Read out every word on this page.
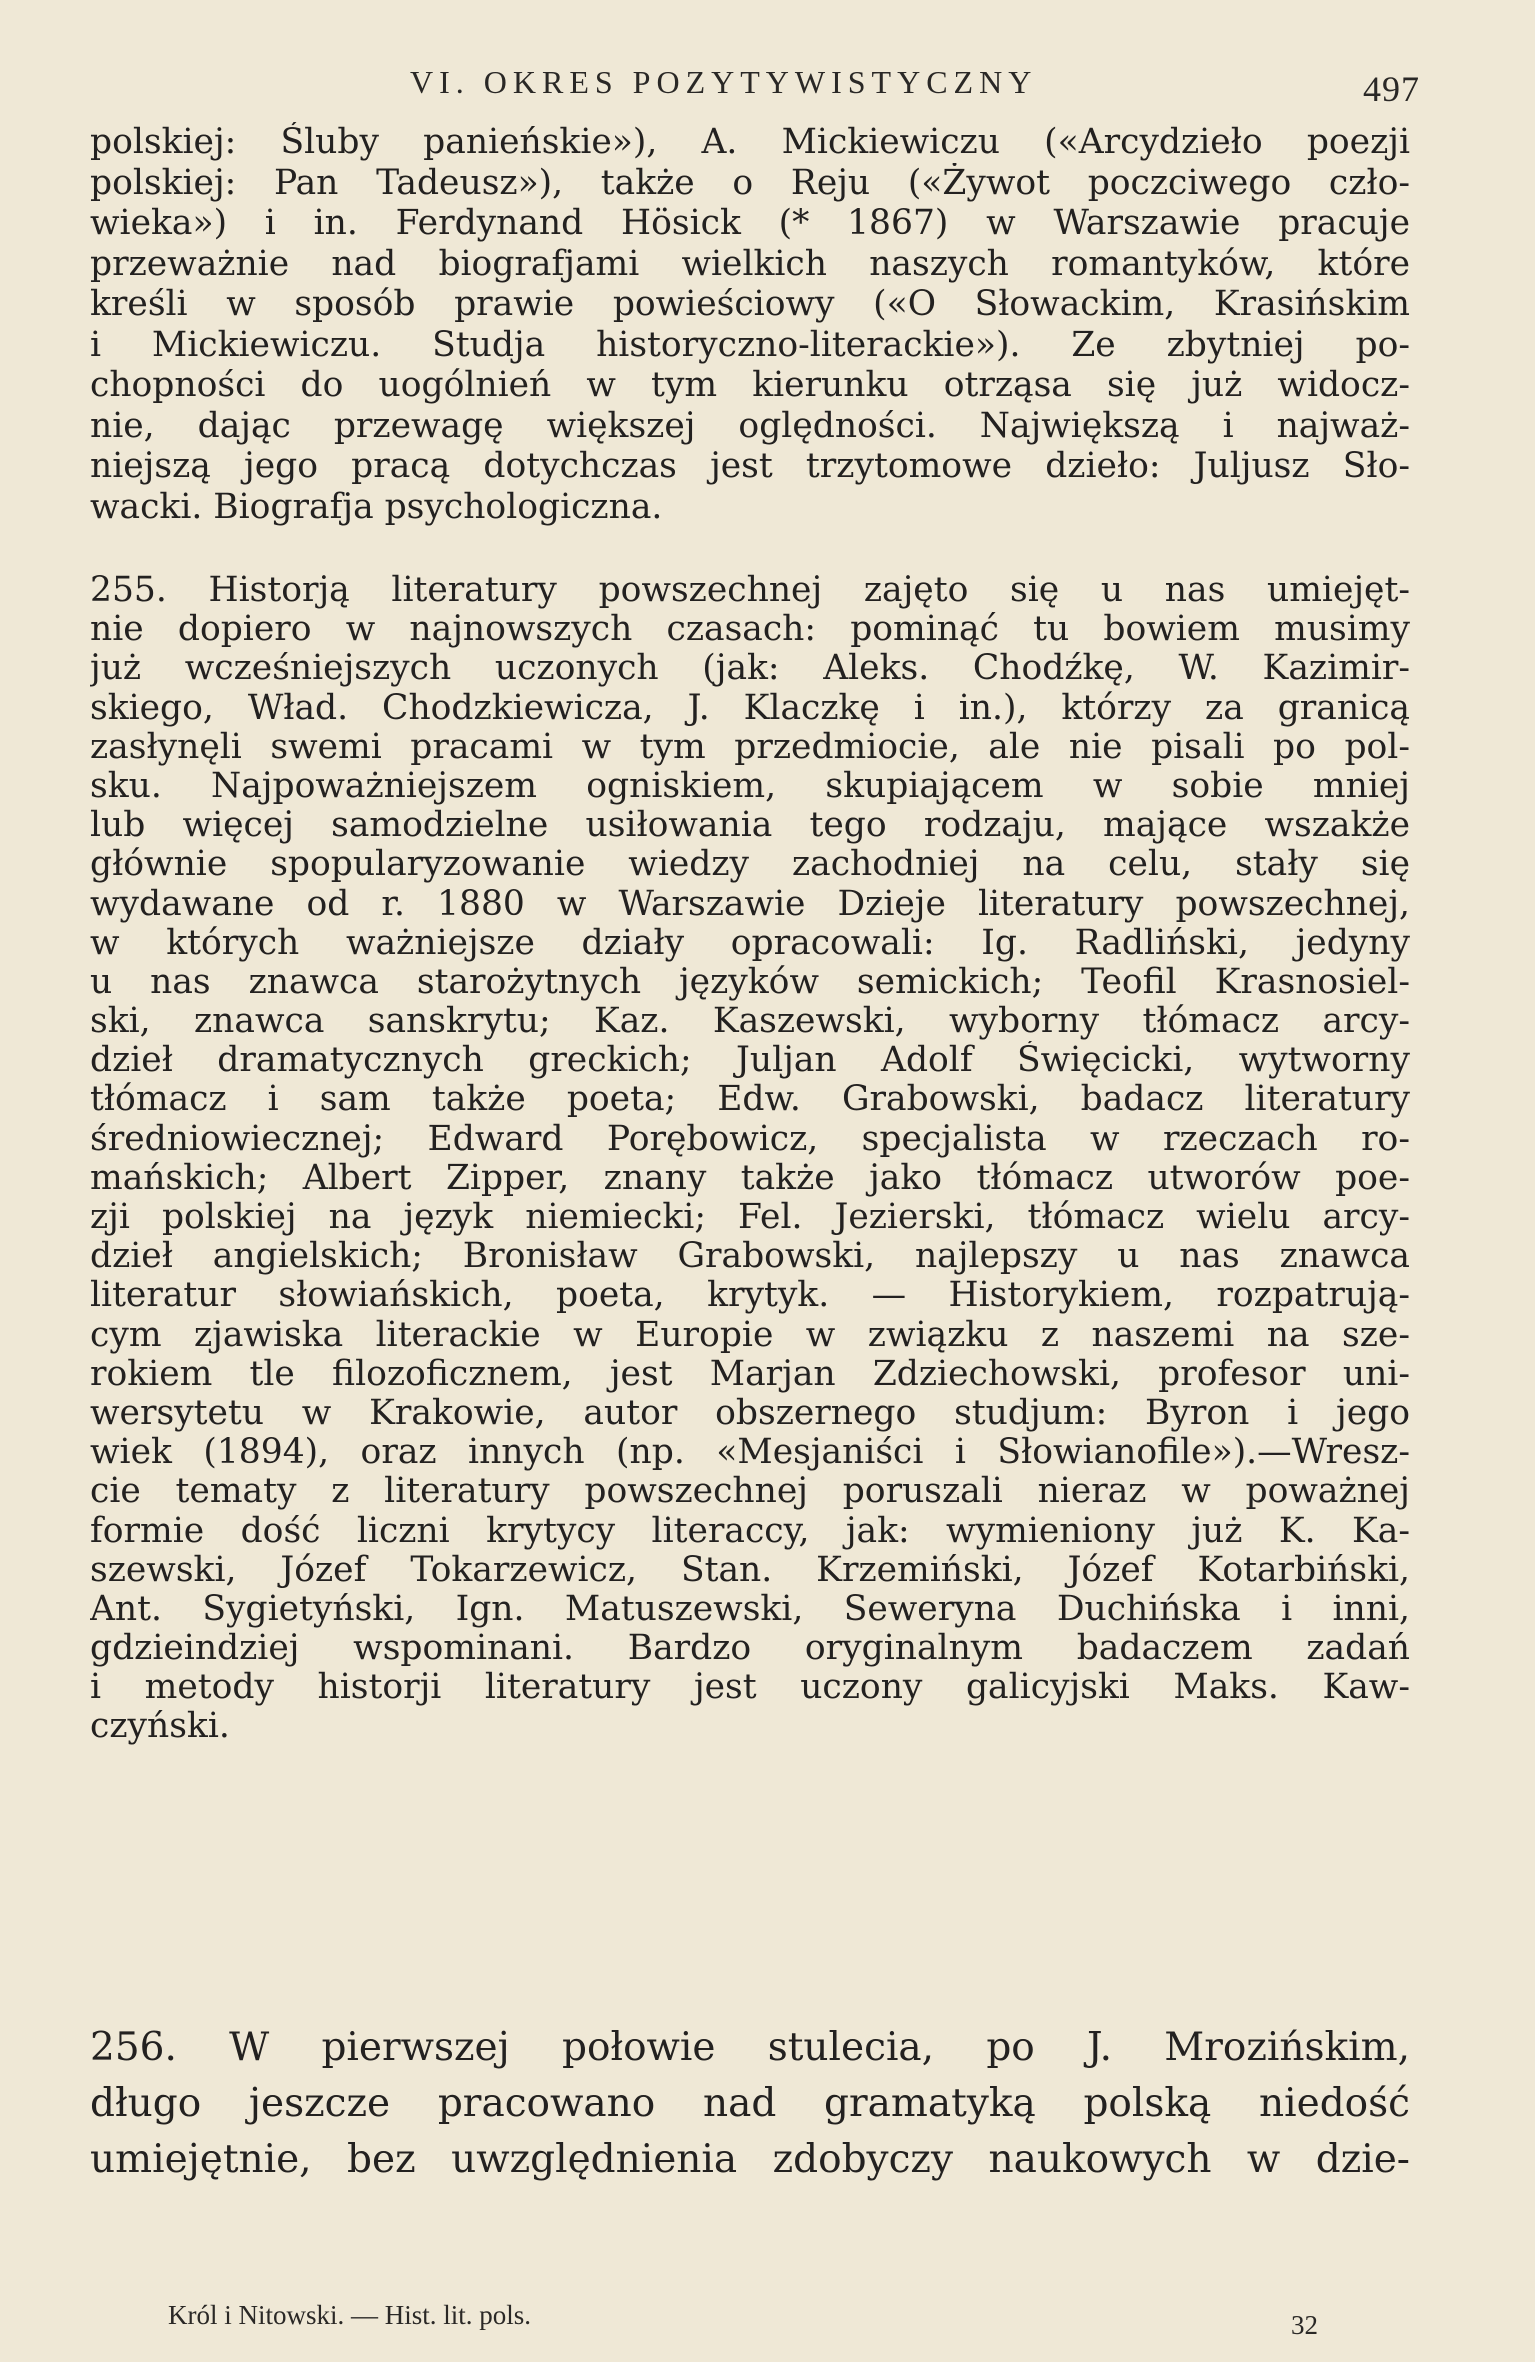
VI. OKRES POZYTYWISTYCZNY	497
polskiej: Śluby panieńskie»), A. Mickiewiczu («Arcydzieło poezji
polskiej: Pan Tadeusz»), także o Reju («Żywot poczciwego czło-
wieka») i in. Ferdynand Hösick (* 1867) w Warszawie pracuje
przeważnie nad biografjami wielkich naszych romantyków, które
kreśli w sposób prawie powieściowy («O Słowackim, Krasińskim
i Mickiewiczu. Studja historyczno-literackie»). Ze zbytniej po-
chopności do uogólnień w tym kierunku otrząsa się już widocz-
nie, dając przewagę większej oględności. Największą i najważ-
niejszą jego pracą dotychczas jest trzytomowe dzieło: Juljusz Sło-
wacki. Biografja psychologiczna.
255. Historją literatury powszechnej zajęto się u nas umiejęt-
nie dopiero w najnowszych czasach: pominąć tu bowiem musimy
już wcześniejszych uczonych (jak: Aleks. Chodźkę, W. Kazimir-
skiego, Wład. Chodzkiewicza, J. Klaczkę i in.), którzy za granicą
zasłynęli swemi pracami w tym przedmiocie, ale nie pisali po pol-
sku. Najpoważniejszem ogniskiem, skupiającem w sobie mniej
lub więcej samodzielne usiłowania tego rodzaju, mające wszakże
głównie spopularyzowanie wiedzy zachodniej na celu, stały się
wydawane od r. 1880 w Warszawie Dzieje literatury powszechnej,
w których ważniejsze działy opracowali: Ig. Radliński, jedyny
u nas znawca starożytnych języków semickich; Teofil Krasnosiel-
ski, znawca sanskrytu; Kaz. Kaszewski, wyborny tłómacz arcy-
dzieł dramatycznych greckich; Juljan Adolf Święcicki, wytworny
tłómacz i sam także poeta; Edw. Grabowski, badacz literatury
średniowiecznej; Edward Porębowicz, specjalista w rzeczach ro-
mańskich; Albert Zipper, znany także jako tłómacz utworów poe-
zji polskiej na język niemiecki; Fel. Jezierski, tłómacz wielu arcy-
dzieł angielskich; Bronisław Grabowski, najlepszy u nas znawca
literatur słowiańskich, poeta, krytyk. — Historykiem, rozpatrują-
cym zjawiska literackie w Europie w związku z naszemi na sze-
rokiem tle filozoficznem, jest Marjan Zdziechowski, profesor uni-
wersytetu w Krakowie, autor obszernego studjum: Byron i jego
wiek (1894), oraz innych (np. «Mesjaniści i Słowianofile»).—Wresz-
cie tematy z literatury powszechnej poruszali nieraz w poważnej
formie dość liczni krytycy literaccy, jak: wymieniony już K. Ka-
szewski, Józef Tokarzewicz, Stan. Krzemiński, Józef Kotarbiński,
Ant. Sygietyński, Ign. Matuszewski, Seweryna Duchińska i inni,
gdzieindziej wspominani. Bardzo oryginalnym badaczem zadań
i metody historji literatury jest uczony galicyjski Maks. Kaw-
czyński.
256. W pierwszej połowie stulecia, po J. Mrozińskim,
długo jeszcze pracowano nad gramatyką polską niedość
umiejętnie, bez uwzględnienia zdobyczy naukowych w dzie-
Król i Nitowski. — Hist. lit. pols.	32
